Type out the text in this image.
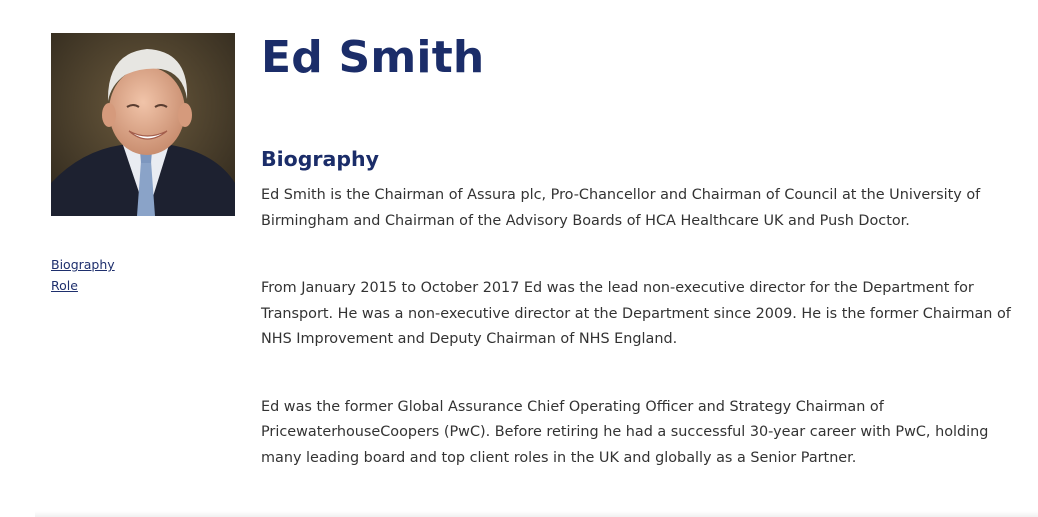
Biography
Role
Ed Smith
Biography

Ed Smith is the Chairman of Assura plc, Pro-Chancellor and Chairman of Council at the University of Birmingham and Chairman of the Advisory Boards of HCA Healthcare UK and Push Doctor.

From January 2015 to October 2017 Ed was the lead non-executive director for the Department for Transport. He was a non-executive director at the Department since 2009. He is the former Chairman of NHS Improvement and Deputy Chairman of NHS England.

Ed was the former Global Assurance Chief Operating Officer and Strategy Chairman of PricewaterhouseCoopers (PwC). Before retiring he had a successful 30-year career with PwC, holding many leading board and top client roles in the UK and globally as a Senior Partner.
